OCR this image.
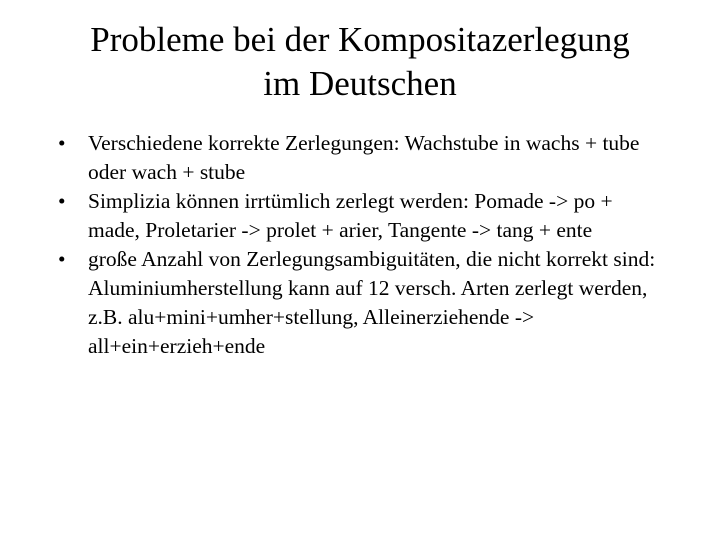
Probleme bei der Kompositazerlegung
im Deutschen
•	Verschiedene korrekte Zerlegungen: Wachstube in wachs + tube oder wach + stube
•	Simplizia können irrtümlich zerlegt werden: Pomade -> po + made, Proletarier -> prolet + arier, Tangente -> tang + ente
•	große Anzahl von Zerlegungsambiguitäten, die nicht korrekt sind: Aluminiumherstellung kann auf 12 versch. Arten zerlegt werden, z.B. alu+mini+umher+stellung, Alleinerziehende -> all+ein+erzieh+ende
